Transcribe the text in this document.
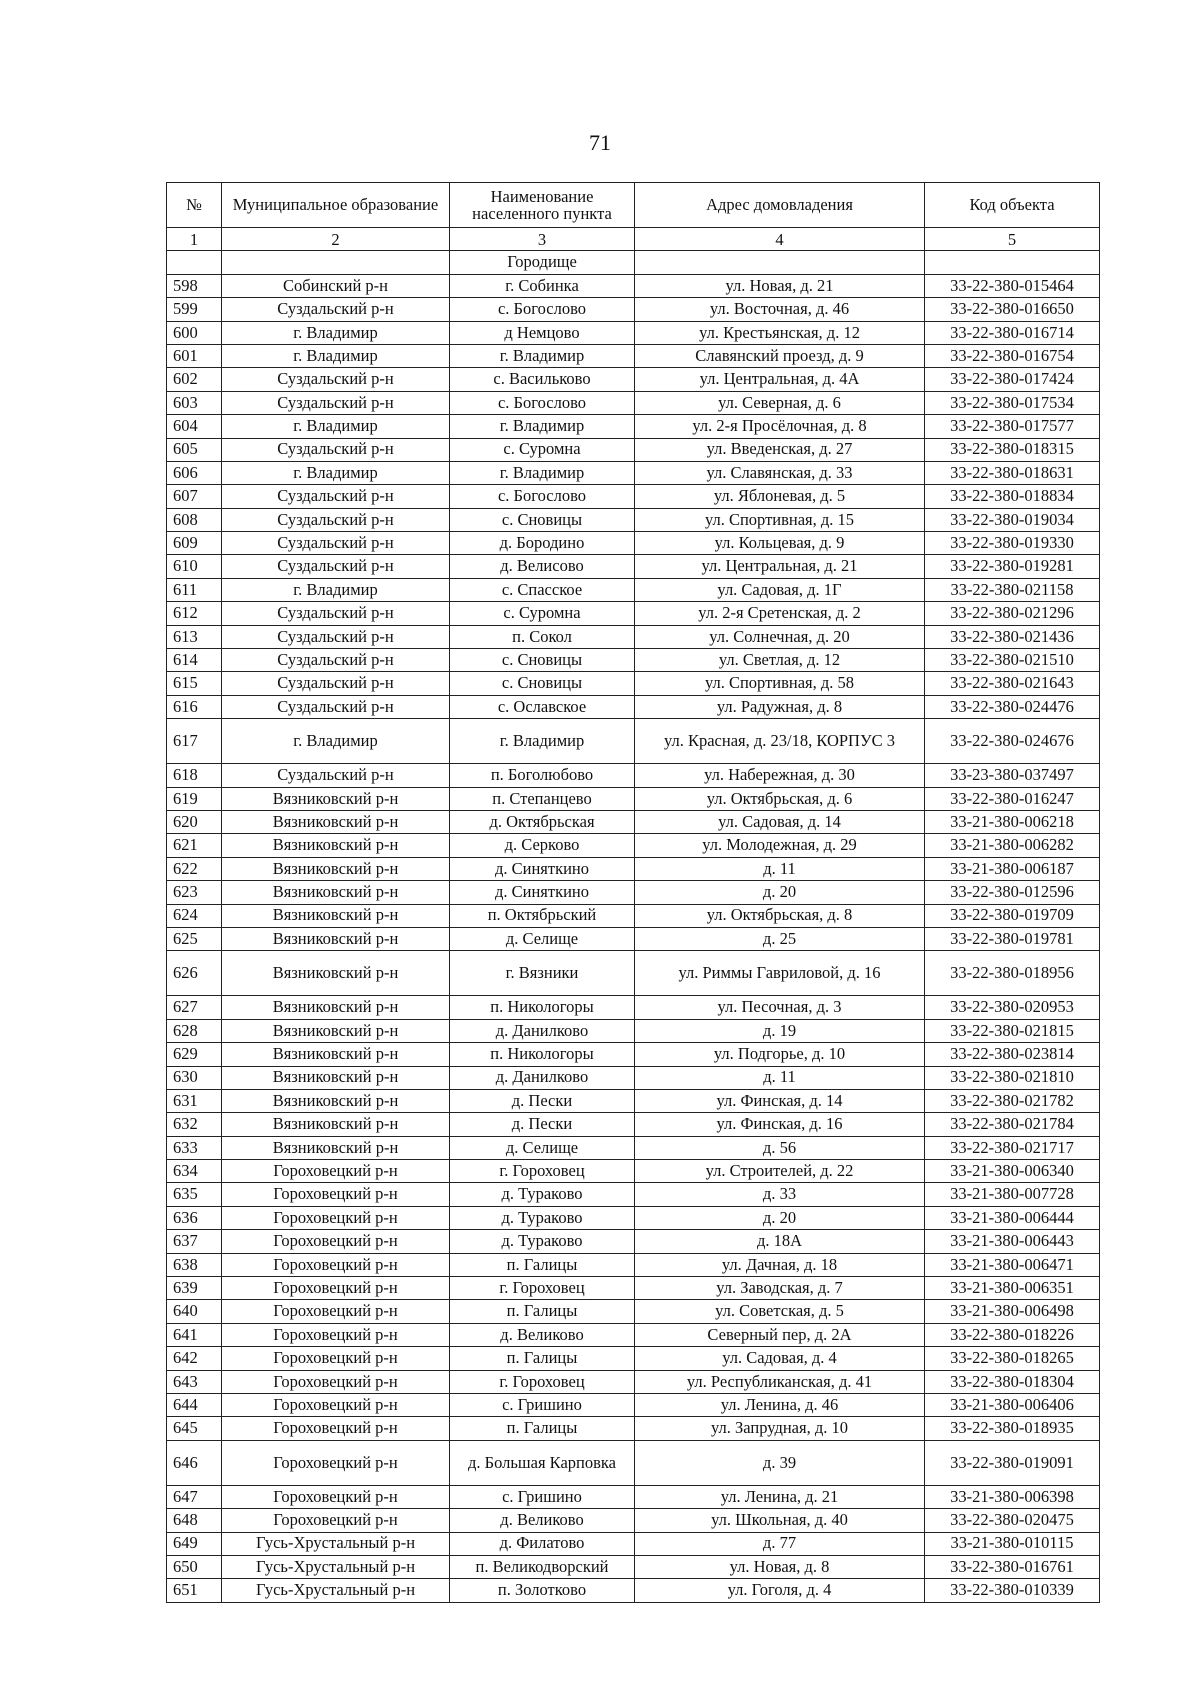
71
№	Муниципальное образование	Наименование населенного пункта	Адрес домовладения	Код объекта
1	2	3	4	5
		Городище		
598	Собинский р-н	г. Собинка	ул. Новая, д. 21	33-22-380-015464
599	Суздальский р-н	с. Богослово	ул. Восточная, д. 46	33-22-380-016650
600	г. Владимир	д Немцово	ул. Крестьянская, д. 12	33-22-380-016714
601	г. Владимир	г. Владимир	Славянский проезд, д. 9	33-22-380-016754
602	Суздальский р-н	с. Васильково	ул. Центральная, д. 4А	33-22-380-017424
603	Суздальский р-н	с. Богослово	ул. Северная, д. 6	33-22-380-017534
604	г. Владимир	г. Владимир	ул. 2-я Просёлочная, д. 8	33-22-380-017577
605	Суздальский р-н	с. Суромна	ул. Введенская, д. 27	33-22-380-018315
606	г. Владимир	г. Владимир	ул. Славянская, д. 33	33-22-380-018631
607	Суздальский р-н	с. Богослово	ул. Яблоневая, д. 5	33-22-380-018834
608	Суздальский р-н	с. Сновицы	ул. Спортивная, д. 15	33-22-380-019034
609	Суздальский р-н	д. Бородино	ул. Кольцевая, д. 9	33-22-380-019330
610	Суздальский р-н	д. Велисово	ул. Центральная, д. 21	33-22-380-019281
611	г. Владимир	с. Спасское	ул. Садовая, д. 1Г	33-22-380-021158
612	Суздальский р-н	с. Суромна	ул. 2-я Сретенская, д. 2	33-22-380-021296
613	Суздальский р-н	п. Сокол	ул. Солнечная, д. 20	33-22-380-021436
614	Суздальский р-н	с. Сновицы	ул. Светлая, д. 12	33-22-380-021510
615	Суздальский р-н	с. Сновицы	ул. Спортивная, д. 58	33-22-380-021643
616	Суздальский р-н	с. Ославское	ул. Радужная, д. 8	33-22-380-024476
617	г. Владимир	г. Владимир	ул. Красная, д. 23/18, КОРПУС 3	33-22-380-024676
618	Суздальский р-н	п. Боголюбово	ул. Набережная, д. 30	33-23-380-037497
619	Вязниковский р-н	п. Степанцево	ул. Октябрьская, д. 6	33-22-380-016247
620	Вязниковский р-н	д. Октябрьская	ул. Садовая, д. 14	33-21-380-006218
621	Вязниковский р-н	д. Серково	ул. Молодежная, д. 29	33-21-380-006282
622	Вязниковский р-н	д. Синяткино	д. 11	33-21-380-006187
623	Вязниковский р-н	д. Синяткино	д. 20	33-22-380-012596
624	Вязниковский р-н	п. Октябрьский	ул. Октябрьская, д. 8	33-22-380-019709
625	Вязниковский р-н	д. Селище	д. 25	33-22-380-019781
626	Вязниковский р-н	г. Вязники	ул. Риммы Гавриловой, д. 16	33-22-380-018956
627	Вязниковский р-н	п. Никологоры	ул. Песочная, д. 3	33-22-380-020953
628	Вязниковский р-н	д. Данилково	д. 19	33-22-380-021815
629	Вязниковский р-н	п. Никологоры	ул. Подгорье, д. 10	33-22-380-023814
630	Вязниковский р-н	д. Данилково	д. 11	33-22-380-021810
631	Вязниковский р-н	д. Пески	ул. Финская, д. 14	33-22-380-021782
632	Вязниковский р-н	д. Пески	ул. Финская, д. 16	33-22-380-021784
633	Вязниковский р-н	д. Селище	д. 56	33-22-380-021717
634	Гороховецкий р-н	г. Гороховец	ул. Строителей, д. 22	33-21-380-006340
635	Гороховецкий р-н	д. Тураково	д. 33	33-21-380-007728
636	Гороховецкий р-н	д. Тураково	д. 20	33-21-380-006444
637	Гороховецкий р-н	д. Тураково	д. 18А	33-21-380-006443
638	Гороховецкий р-н	п. Галицы	ул. Дачная, д. 18	33-21-380-006471
639	Гороховецкий р-н	г. Гороховец	ул. Заводская, д. 7	33-21-380-006351
640	Гороховецкий р-н	п. Галицы	ул. Советская, д. 5	33-21-380-006498
641	Гороховецкий р-н	д. Великово	Северный пер, д. 2А	33-22-380-018226
642	Гороховецкий р-н	п. Галицы	ул. Садовая, д. 4	33-22-380-018265
643	Гороховецкий р-н	г. Гороховец	ул. Республиканская, д. 41	33-22-380-018304
644	Гороховецкий р-н	с. Гришино	ул. Ленина, д. 46	33-21-380-006406
645	Гороховецкий р-н	п. Галицы	ул. Запрудная, д. 10	33-22-380-018935
646	Гороховецкий р-н	д. Большая Карповка	д. 39	33-22-380-019091
647	Гороховецкий р-н	с. Гришино	ул. Ленина, д. 21	33-21-380-006398
648	Гороховецкий р-н	д. Великово	ул. Школьная, д. 40	33-22-380-020475
649	Гусь-Хрустальный р-н	д. Филатово	д. 77	33-21-380-010115
650	Гусь-Хрустальный р-н	п. Великодворский	ул. Новая, д. 8	33-22-380-016761
651	Гусь-Хрустальный р-н	п. Золотково	ул. Гоголя, д. 4	33-22-380-010339
